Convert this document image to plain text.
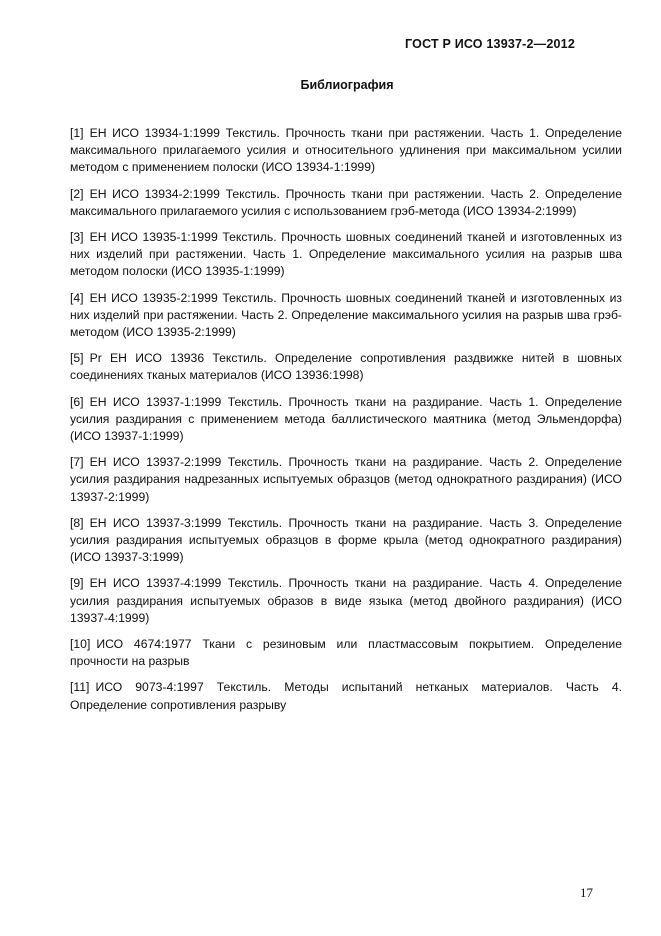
ГОСТ Р ИСО 13937-2—2012
Библиография
[1] ЕН ИСО 13934-1:1999 Текстиль. Прочность ткани при растяжении. Часть 1. Определение максимального прилагаемого усилия и относительного удлинения при максимальном усилии методом с применением полоски (ИСО 13934-1:1999)
[2] ЕН ИСО 13934-2:1999 Текстиль. Прочность ткани при растяжении. Часть 2. Определение максимального прилагаемого усилия с использованием грэб-метода (ИСО 13934-2:1999)
[3] ЕН ИСО 13935-1:1999 Текстиль. Прочность шовных соединений тканей и изготовленных из них изделий при растяжении. Часть 1. Определение максимального усилия на разрыв шва методом полоски (ИСО 13935-1:1999)
[4] ЕН ИСО 13935-2:1999 Текстиль. Прочность шовных соединений тканей и изготовленных из них изделий при растяжении. Часть 2. Определение максимального усилия на разрыв шва грэб-методом (ИСО 13935-2:1999)
[5] Pr ЕН ИСО 13936 Текстиль. Определение сопротивления раздвижке нитей в шовных соединениях тканых материалов (ИСО 13936:1998)
[6] ЕН ИСО 13937-1:1999 Текстиль. Прочность ткани на раздирание. Часть 1. Определение усилия раздирания с применением метода баллистического маятника (метод Эльмендорфа) (ИСО 13937-1:1999)
[7] ЕН ИСО 13937-2:1999 Текстиль. Прочность ткани на раздирание. Часть 2. Определение усилия раздирания надрезанных испытуемых образцов (метод однократного раздирания) (ИСО 13937-2:1999)
[8] ЕН ИСО 13937-3:1999 Текстиль. Прочность ткани на раздирание. Часть 3. Определение усилия раздирания испытуемых образцов в форме крыла (метод однократного раздирания) (ИСО 13937-3:1999)
[9] ЕН ИСО 13937-4:1999 Текстиль. Прочность ткани на раздирание. Часть 4. Определение усилия раздирания испытуемых образов в виде языка (метод двойного раздирания) (ИСО 13937-4:1999)
[10] ИСО 4674:1977 Ткани с резиновым или пластмассовым покрытием. Определение прочности на разрыв
[11] ИСО 9073-4:1997 Текстиль. Методы испытаний нетканых материалов. Часть 4. Определение сопротивления разрыву
17
